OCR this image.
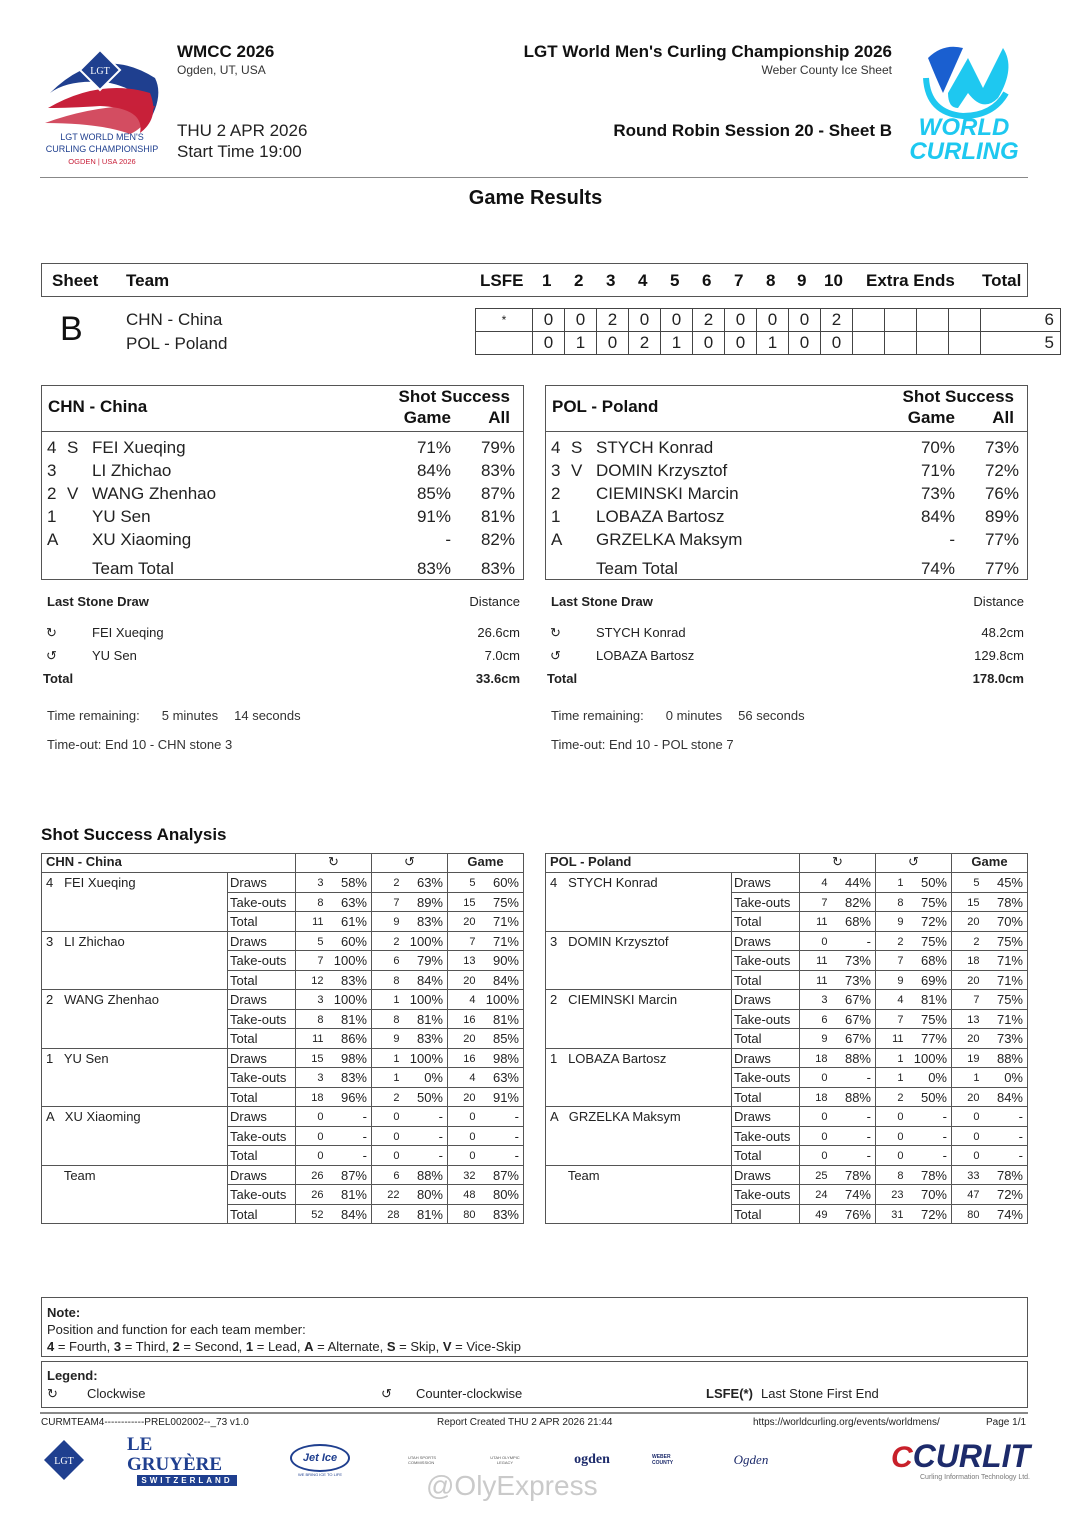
LGT
LGT WORLD MEN'S
CURLING CHAMPIONSHIP
OGDEN | USA 2026
WMCC 2026
Ogden, UT, USA
THU 2 APR 2026
Start Time 19:00
LGT World Men's Curling Championship 2026
Weber County Ice Sheet
Round Robin Session 20 - Sheet B WORLD
CURLING
Game Results
Sheet Team	LSFE 1 2 3 4 5 6 7 8 9 10 Extra Ends Total
B	CHN - China
POL - Poland
*	0	0	2	0	0	2	0	0	0	2					6
	0	1	0	2	1	0	0	1	0	0					5
CHN - China
Shot Success
Game All
4 S FEI Xueqing	71% 79%
3 LI Zhichao	84% 83%
2 V WANG Zhenhao	85% 87%
1 YU Sen	91% 81%
A XU Xiaoming	- 82%
Team Total	83% 83%
POL - Poland
Shot Success
Game All
4 S STYCH Konrad	70% 73%
3 V DOMIN Krzysztof	71% 72%
2 CIEMINSKI Marcin	73% 76%
1 LOBAZA Bartosz	84% 89%
A GRZELKA Maksym	- 77%
Team Total	74% 77%
Shot Success Analysis
CHN - China		↻		↺		Game	
4   FEI Xueqing	Draws	3	58%	2	63%	5	60%
	Take-outs	8	63%	7	89%	15	75%
	Total	11	61%	9	83%	20	71%
3   LI Zhichao	Draws	5	60%	2	100%	7	71%
	Take-outs	7	100%	6	79%	13	90%
	Total	12	83%	8	84%	20	84%
2   WANG Zhenhao	Draws	3	100%	1	100%	4	100%
	Take-outs	8	81%	8	81%	16	81%
	Total	11	86%	9	83%	20	85%
1   YU Sen	Draws	15	98%	1	100%	16	98%
	Take-outs	3	83%	1	0%	4	63%
	Total	18	96%	2	50%	20	91%
A   XU Xiaoming	Draws	0	-	0	-	0	-
	Take-outs	0	-	0	-	0	-
	Total	0	-	0	-	0	-
Team	Draws	26	87%	6	88%	32	87%
	Take-outs	26	81%	22	80%	48	80%
	Total	52	84%	28	81%	80	83%
POL - Poland		↻		↺		Game	
4   STYCH Konrad	Draws	4	44%	1	50%	5	45%
	Take-outs	7	82%	8	75%	15	78%
	Total	11	68%	9	72%	20	70%
3   DOMIN Krzysztof	Draws	0	-	2	75%	2	75%
	Take-outs	11	73%	7	68%	18	71%
	Total	11	73%	9	69%	20	71%
2   CIEMINSKI Marcin	Draws	3	67%	4	81%	7	75%
	Take-outs	6	67%	7	75%	13	71%
	Total	9	67%	11	77%	20	73%
1   LOBAZA Bartosz	Draws	18	88%	1	100%	19	88%
	Take-outs	0	-	1	0%	1	0%
	Total	18	88%	2	50%	20	84%
A   GRZELKA Maksym	Draws	0	-	0	-	0	-
	Take-outs	0	-	0	-	0	-
	Total	0	-	0	-	0	-
Team	Draws	25	78%	8	78%	33	78%
	Take-outs	24	74%	23	70%	47	72%
	Total	49	76%	31	72%	80	74%
Note:
Position and function for each team member:
4 = Fourth, 3 = Third, 2 = Second, 1 = Lead, A = Alternate, S = Skip, V = Vice-Skip
Legend:
↻ Clockwise	↺ Counter-clockwise	LSFE(*) Last Stone First End
CURMTEAM4------------PREL002002--_73 v1.0	Report Created THU 2 APR 2026 21:44	https://worldcurling.org/events/worldmens/	Page 1/1
LGT
LE GRUYÈRE
SWITZERLAND
Jet Ice
WE BRING ICE TO LIFE
UTAH SPORTS COMMISSION
UTAH OLYMPIC LEGACY	ogden	WEBER COUNTY	Ogden	CCURLIT
Curling Information Technology Ltd.
@OlyExpress
Last Stone Draw	Distance
↻	FEI Xueqing	26.6cm
↺	YU Sen	7.0cm
Total	33.6cm
Time remaining: 5 minutes 14 seconds
Time-out: End 10 - CHN stone 3
Last Stone Draw	Distance
↻	STYCH Konrad	48.2cm
↺	LOBAZA Bartosz	129.8cm
Total	178.0cm
Time remaining: 0 minutes 56 seconds
Time-out: End 10 - POL stone 7
